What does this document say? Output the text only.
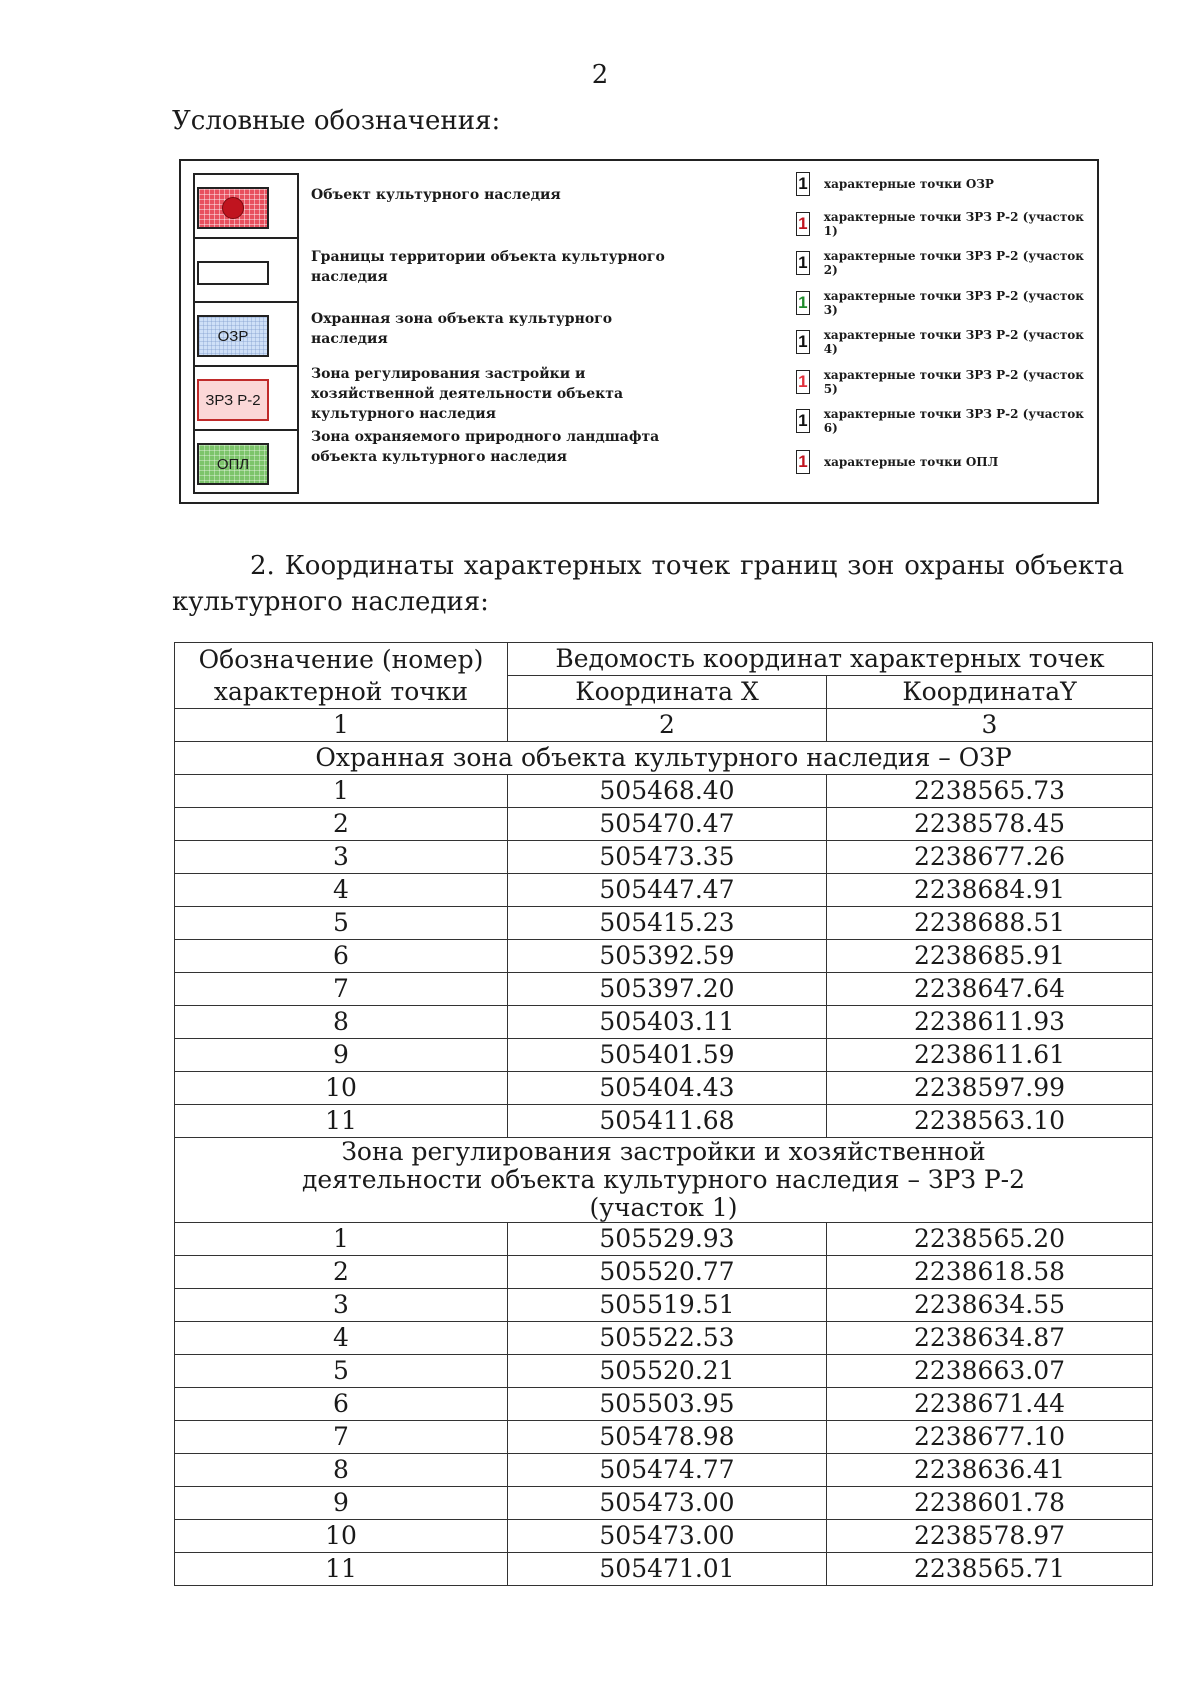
2
Условные обозначения:
ОЗР
ЗРЗ Р-2
ОПЛ
Объект культурного наследия
Границы территории объекта культурного наследия
Охранная зона объекта культурного наследия
Зона регулирования застройки и хозяйственной деятельности объекта культурного наследия
Зона охраняемого природного ландшафта объекта культурного наследия
1 характерные точки ОЗР
1 характерные точки ЗРЗ Р-2 (участок 1)
1 характерные точки ЗРЗ Р-2 (участок 2)
1 характерные точки ЗРЗ Р-2 (участок 3)
1 характерные точки ЗРЗ Р-2 (участок 4)
1 характерные точки ЗРЗ Р-2 (участок 5)
1 характерные точки ЗРЗ Р-2 (участок 6)
1 характерные точки ОПЛ
2. Координаты характерных точек границ зон охраны объекта культурного наследия:
Обозначение (номер) характерной точки	Ведомость координат характерных точек	
	Координата X	КоординатаY
1	2	3
Охранная зона объекта культурного наследия – ОЗР		
1	505468.40	2238565.73
2	505470.47	2238578.45
3	505473.35	2238677.26
4	505447.47	2238684.91
5	505415.23	2238688.51
6	505392.59	2238685.91
7	505397.20	2238647.64
8	505403.11	2238611.93
9	505401.59	2238611.61
10	505404.43	2238597.99
11	505411.68	2238563.10
Зона регулирования застройки и хозяйственной деятельности объекта культурного наследия – ЗРЗ Р-2 (участок 1)		
1	505529.93	2238565.20
2	505520.77	2238618.58
3	505519.51	2238634.55
4	505522.53	2238634.87
5	505520.21	2238663.07
6	505503.95	2238671.44
7	505478.98	2238677.10
8	505474.77	2238636.41
9	505473.00	2238601.78
10	505473.00	2238578.97
11	505471.01	2238565.71
